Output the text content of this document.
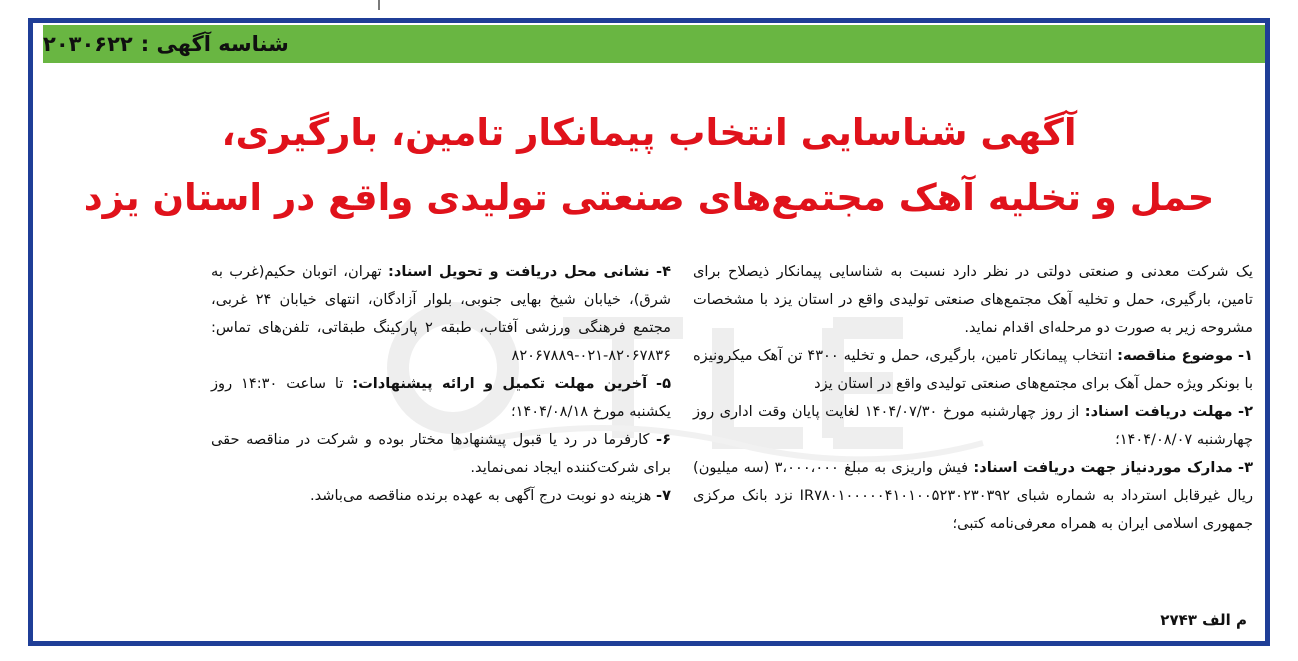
شناسه آگهی :۲۰۳۰۶۲۲
آگهی شناسایی انتخاب پیمانکار تامین، بارگیری،
حمل و تخلیه آهک مجتمع‌های صنعتی تولیدی واقع در استان یزد

یک شرکت معدنی و صنعتی دولتی در نظر دارد نسبت به شناسایی پیمانکار ذیصلاح برای تامین، بارگیری، حمل و تخلیه آهک مجتمع‌های صنعتی تولیدی واقع در استان یزد با مشخصات مشروحه زیر به صورت دو مرحله‌ای اقدام نماید.

۱- موضوع مناقصه: انتخاب پیمانکار تامین، بارگیری، حمل و تخلیه ۴۳۰۰ تن آهک میکرونیزه با بونکر ویژه حمل آهک برای مجتمع‌های صنعتی تولیدی واقع در استان یزد

۲- مهلت دریافت اسناد: از روز چهارشنبه مورخ ۱۴۰۴/۰۷/۳۰ لغایت پایان وقت اداری روز چهارشنبه ۱۴۰۴/۰۸/۰۷؛

۳- مدارک موردنیاز جهت دریافت اسناد: فیش واریزی به مبلغ ۳،۰۰۰،۰۰۰ (سه میلیون) ریال غیرقابل استرداد به شماره شبای IR۷۸۰۱۰۰۰۰۰۴۱۰۱۰۰۵۲۳۰۲۳۰۳۹۲ نزد بانک مرکزی جمهوری اسلامی ایران به همراه معرفی‌نامه کتبی؛

۴- نشانی محل دریافت و تحویل اسناد: تهران، اتوبان حکیم(غرب به شرق)، خیابان شیخ بهایی جنوبی، بلوار آزادگان، انتهای خیابان ۲۴ غربی، مجتمع فرهنگی ورزشی آفتاب، طبقه ۲ پارکینگ طبقاتی، تلفن‌های تماس: ۸۲۰۶۷۸۳۶-۰۲۱-۸۲۰۶۷۸۸۹

۵- آخرین مهلت تکمیل و ارائه پیشنهادات: تا ساعت ۱۴:۳۰ روز یکشنبه مورخ ۱۴۰۴/۰۸/۱۸؛

۶- کارفرما در رد یا قبول پیشنهادها مختار بوده و شرکت در مناقصه حقی برای شرکت‌کننده ایجاد نمی‌نماید.

۷- هزینه دو نوبت درج آگهی به عهده برنده مناقصه می‌باشد.

م الف ۲۷۴۳
